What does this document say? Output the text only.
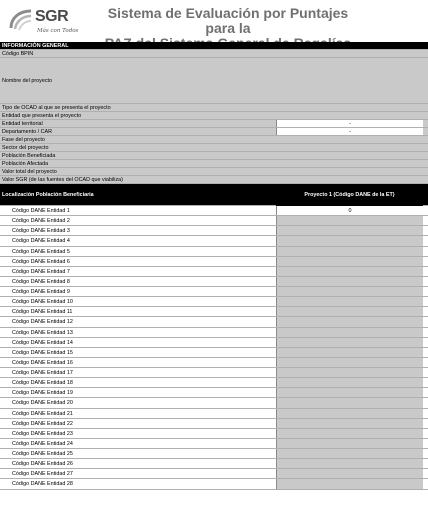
SGR
Más con Todos
Sistema de Evaluación por Puntajes para la
INFORMACIÓN GENERAL
Código BPIN
Nombre del proyecto
Tipo de OCAD al que se presenta el proyecto
Entidad que presenta el proyecto
Entidad territorial	-
Departamento / CAR	-
Fase del proyecto
Sector del proyecto
Población Beneficiada
Población Afectada
Valor total del proyecto
Valor SGR (de las fuentes del OCAD que viabiliza)
Localización Población Beneficiaria	Proyecto 1 (Código DANE de la ET)
Código DANE Entidad 1	0
Código DANE Entidad 2
Código DANE Entidad 3
Código DANE Entidad 4
Código DANE Entidad 5
Código DANE Entidad 6
Código DANE Entidad 7
Código DANE Entidad 8
Código DANE Entidad 9
Código DANE Entidad 10
Código DANE Entidad 11
Código DANE Entidad 12
Código DANE Entidad 13
Código DANE Entidad 14
Código DANE Entidad 15
Código DANE Entidad 16
Código DANE Entidad 17
Código DANE Entidad 18
Código DANE Entidad 19
Código DANE Entidad 20
Código DANE Entidad 21
Código DANE Entidad 22
Código DANE Entidad 23
Código DANE Entidad 24
Código DANE Entidad 25
Código DANE Entidad 26
Código DANE Entidad 27
Código DANE Entidad 28
